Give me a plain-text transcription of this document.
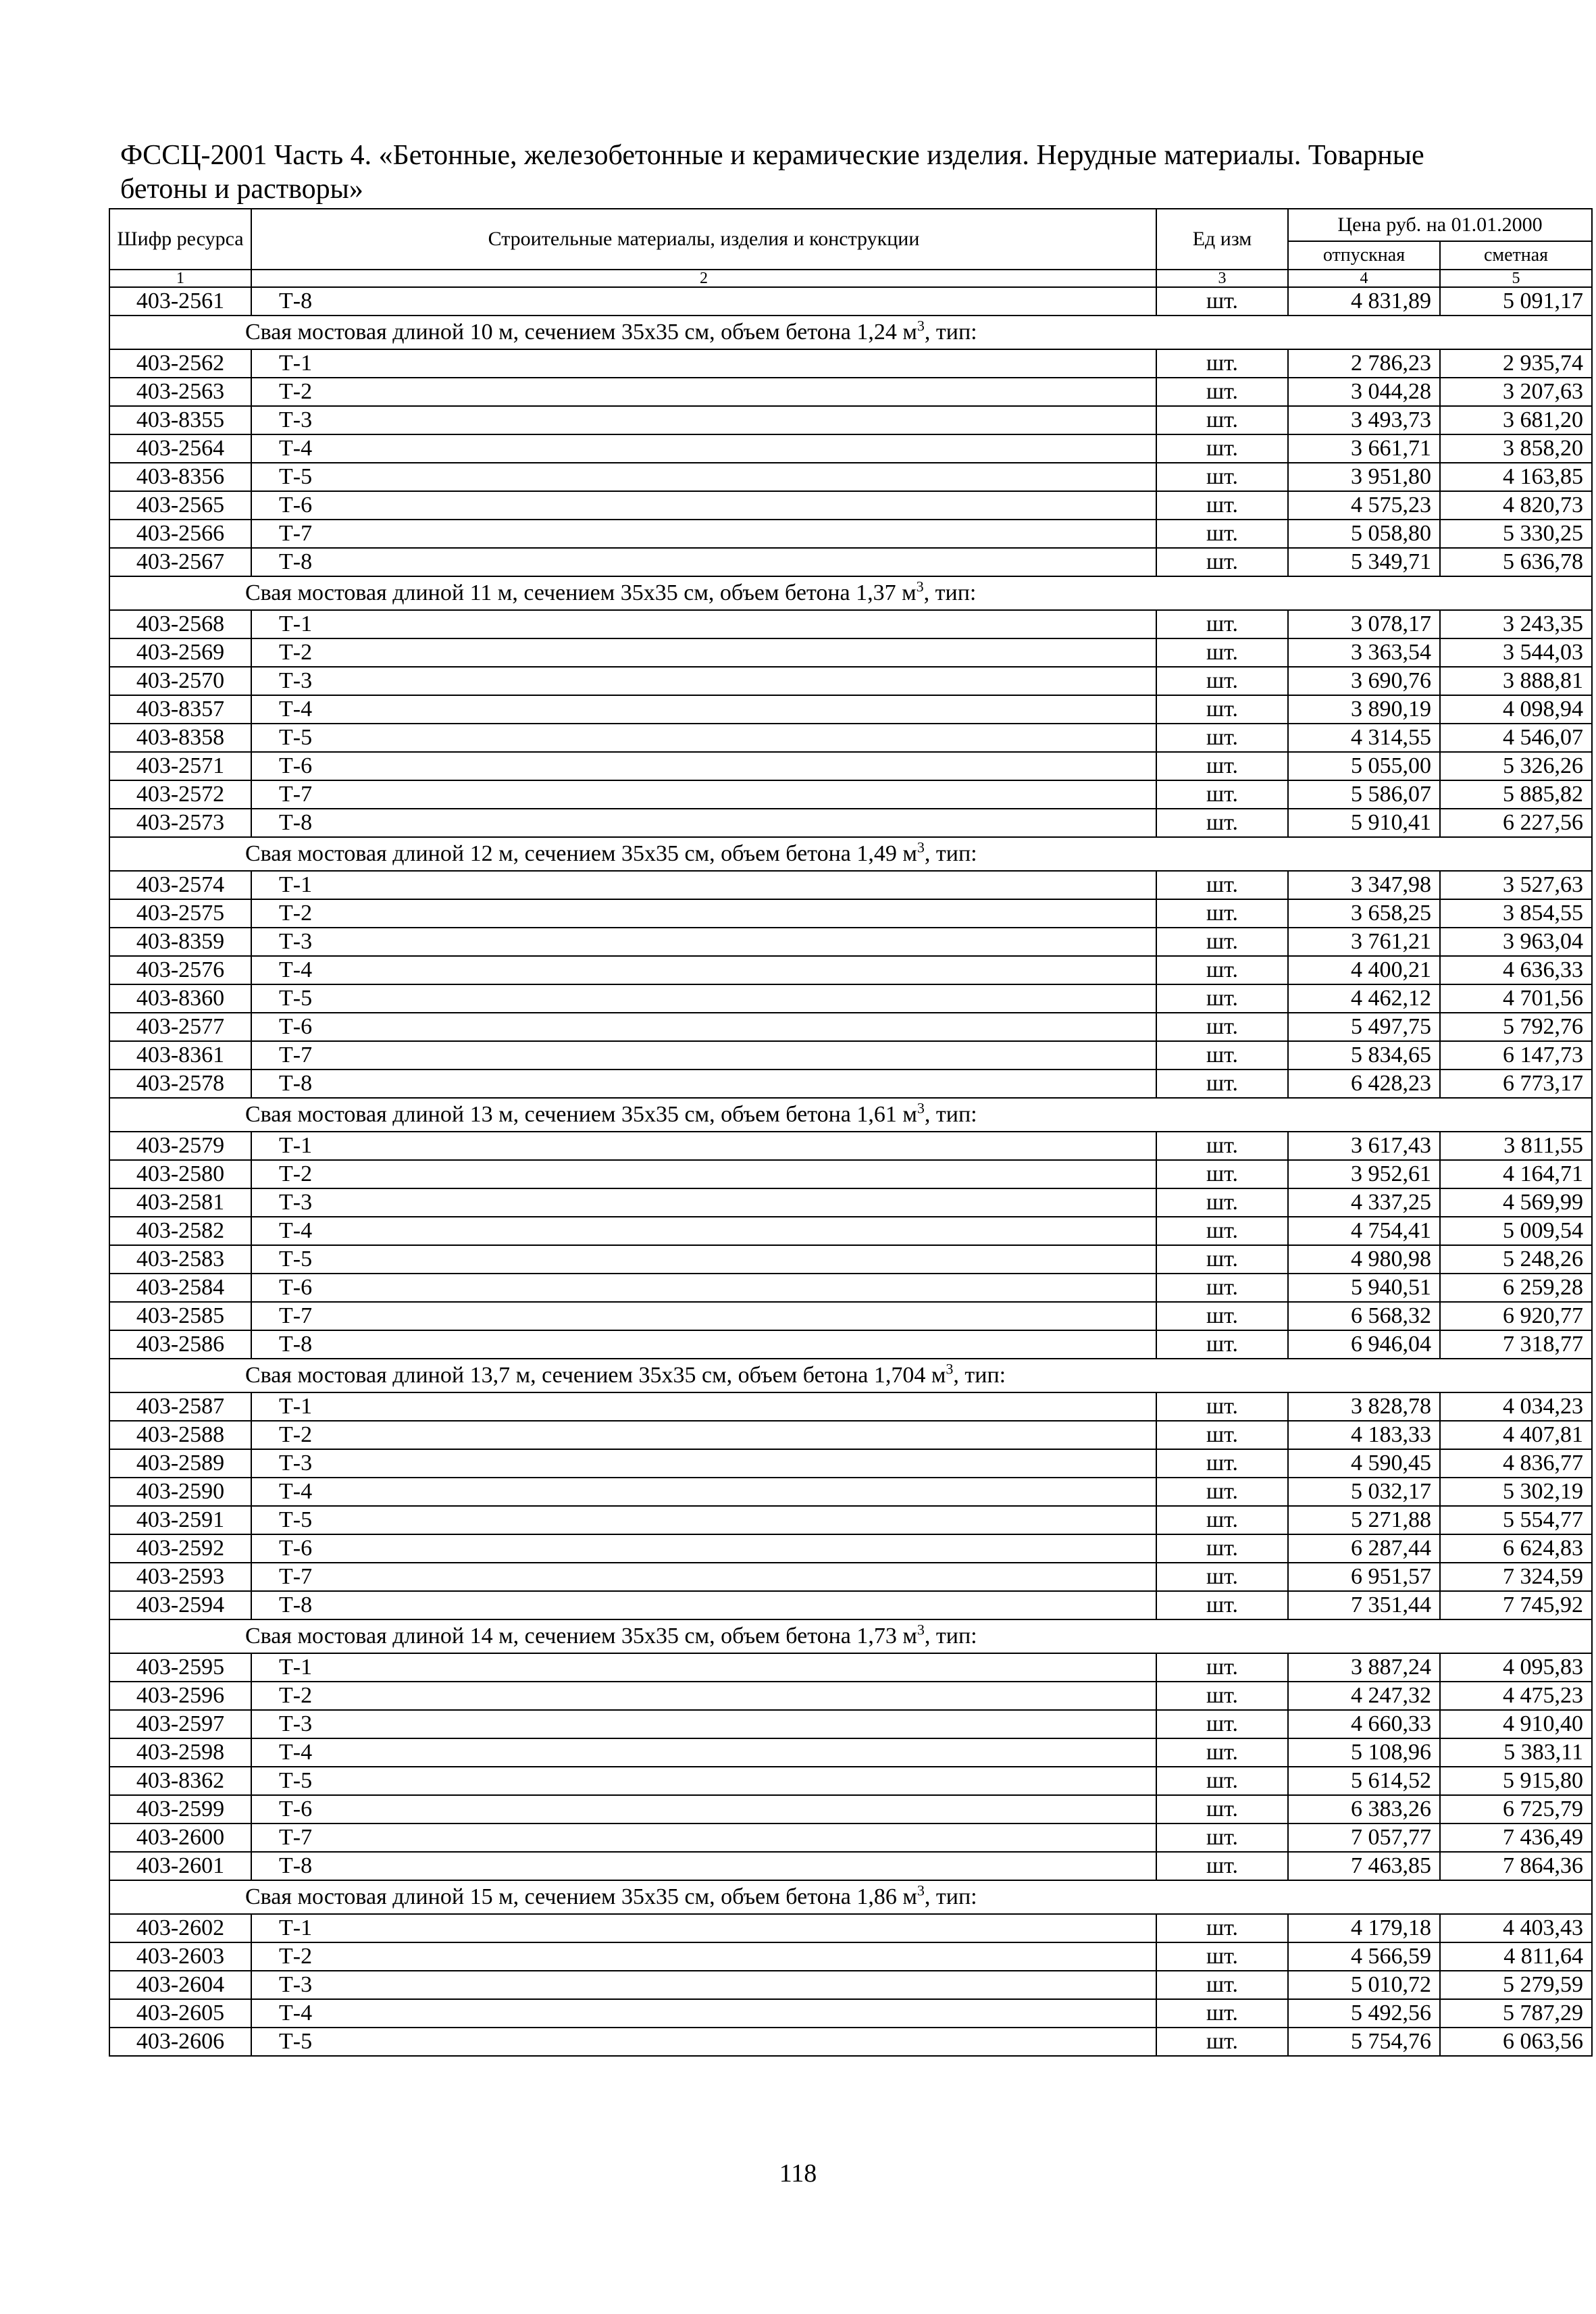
ФССЦ-2001 Часть 4. «Бетонные, железобетонные и керамические изделия. Нерудные материалы. Товарные бетоны и растворы»
Шифр ресурса	Строительные материалы, изделия и конструкции	Ед изм	Цена руб. на 01.01.2000	
			отпускная	сметная
1	2	3	4	5
403-2561	Т-8	шт.	4 831,89	5 091,17
Свая мостовая длиной 10 м, сечением 35х35 см, объем бетона 1,24 $м^3$, тип:				
403-2562	Т-1	шт.	2 786,23	2 935,74
403-2563	Т-2	шт.	3 044,28	3 207,63
403-8355	Т-3	шт.	3 493,73	3 681,20
403-2564	Т-4	шт.	3 661,71	3 858,20
403-8356	Т-5	шт.	3 951,80	4 163,85
403-2565	Т-6	шт.	4 575,23	4 820,73
403-2566	Т-7	шт.	5 058,80	5 330,25
403-2567	Т-8	шт.	5 349,71	5 636,78
Свая мостовая длиной 11 м, сечением 35х35 см, объем бетона 1,37 $м^3$, тип:				
403-2568	Т-1	шт.	3 078,17	3 243,35
403-2569	Т-2	шт.	3 363,54	3 544,03
403-2570	Т-3	шт.	3 690,76	3 888,81
403-8357	Т-4	шт.	3 890,19	4 098,94
403-8358	Т-5	шт.	4 314,55	4 546,07
403-2571	Т-6	шт.	5 055,00	5 326,26
403-2572	Т-7	шт.	5 586,07	5 885,82
403-2573	Т-8	шт.	5 910,41	6 227,56
Свая мостовая длиной 12 м, сечением 35х35 см, объем бетона 1,49 $м^3$, тип:				
403-2574	Т-1	шт.	3 347,98	3 527,63
403-2575	Т-2	шт.	3 658,25	3 854,55
403-8359	Т-3	шт.	3 761,21	3 963,04
403-2576	Т-4	шт.	4 400,21	4 636,33
403-8360	Т-5	шт.	4 462,12	4 701,56
403-2577	Т-6	шт.	5 497,75	5 792,76
403-8361	Т-7	шт.	5 834,65	6 147,73
403-2578	Т-8	шт.	6 428,23	6 773,17
Свая мостовая длиной 13 м, сечением 35х35 см, объем бетона 1,61 $м^3$, тип:				
403-2579	Т-1	шт.	3 617,43	3 811,55
403-2580	Т-2	шт.	3 952,61	4 164,71
403-2581	Т-3	шт.	4 337,25	4 569,99
403-2582	Т-4	шт.	4 754,41	5 009,54
403-2583	Т-5	шт.	4 980,98	5 248,26
403-2584	Т-6	шт.	5 940,51	6 259,28
403-2585	Т-7	шт.	6 568,32	6 920,77
403-2586	Т-8	шт.	6 946,04	7 318,77
Свая мостовая длиной 13,7 м, сечением 35х35 см, объем бетона 1,704 $м^3$, тип:				
403-2587	Т-1	шт.	3 828,78	4 034,23
403-2588	Т-2	шт.	4 183,33	4 407,81
403-2589	Т-3	шт.	4 590,45	4 836,77
403-2590	Т-4	шт.	5 032,17	5 302,19
403-2591	Т-5	шт.	5 271,88	5 554,77
403-2592	Т-6	шт.	6 287,44	6 624,83
403-2593	Т-7	шт.	6 951,57	7 324,59
403-2594	Т-8	шт.	7 351,44	7 745,92
Свая мостовая длиной 14 м, сечением 35х35 см, объем бетона 1,73 $м^3$, тип:				
403-2595	Т-1	шт.	3 887,24	4 095,83
403-2596	Т-2	шт.	4 247,32	4 475,23
403-2597	Т-3	шт.	4 660,33	4 910,40
403-2598	Т-4	шт.	5 108,96	5 383,11
403-8362	Т-5	шт.	5 614,52	5 915,80
403-2599	Т-6	шт.	6 383,26	6 725,79
403-2600	Т-7	шт.	7 057,77	7 436,49
403-2601	Т-8	шт.	7 463,85	7 864,36
Свая мостовая длиной 15 м, сечением 35х35 см, объем бетона 1,86 $м^3$, тип:				
403-2602	Т-1	шт.	4 179,18	4 403,43
403-2603	Т-2	шт.	4 566,59	4 811,64
403-2604	Т-3	шт.	5 010,72	5 279,59
403-2605	Т-4	шт.	5 492,56	5 787,29
403-2606	Т-5	шт.	5 754,76	6 063,56
118
